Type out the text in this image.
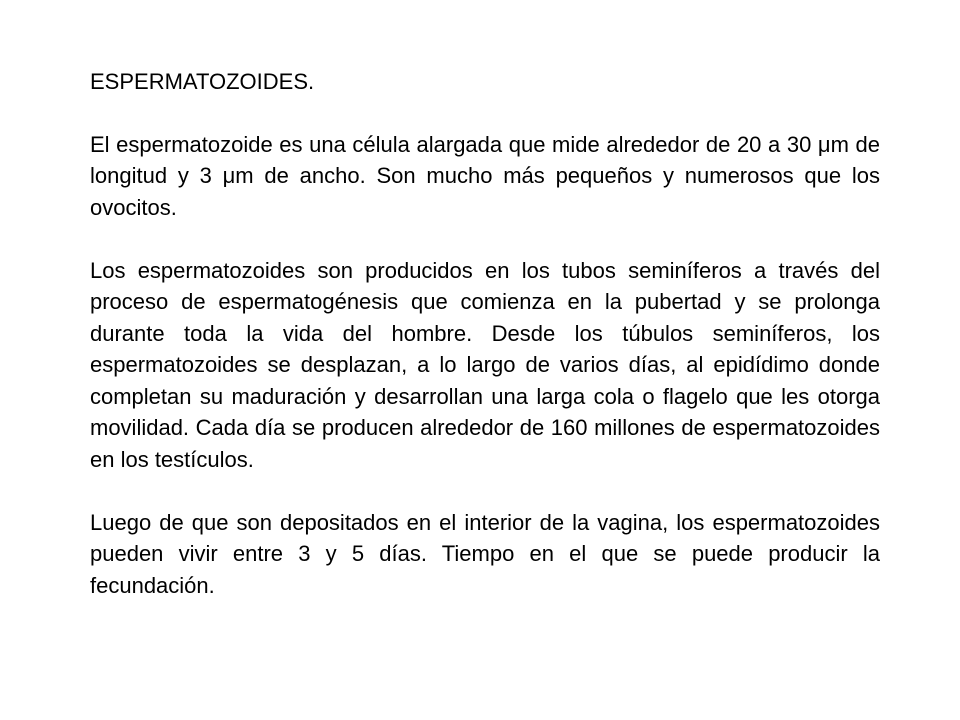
ESPERMATOZOIDES.

El espermatozoide es una célula alargada que mide alrededor de 20 a 30 μm de longitud y 3 μm de ancho. Son mucho más pequeños y numerosos que los ovocitos.

Los espermatozoides son producidos en los tubos seminíferos a través del proceso de espermatogénesis que comienza en la pubertad y se prolonga durante toda la vida del hombre. Desde los túbulos seminíferos, los espermatozoides se desplazan, a lo largo de varios días, al epidídimo donde completan su maduración y desarrollan una larga cola o flagelo que les otorga movilidad. Cada día se producen alrededor de 160 millones de espermatozoides en los testículos.

Luego de que son depositados en el interior de la vagina, los espermatozoides pueden vivir entre 3 y 5 días. Tiempo en el que se puede producir la fecundación.
